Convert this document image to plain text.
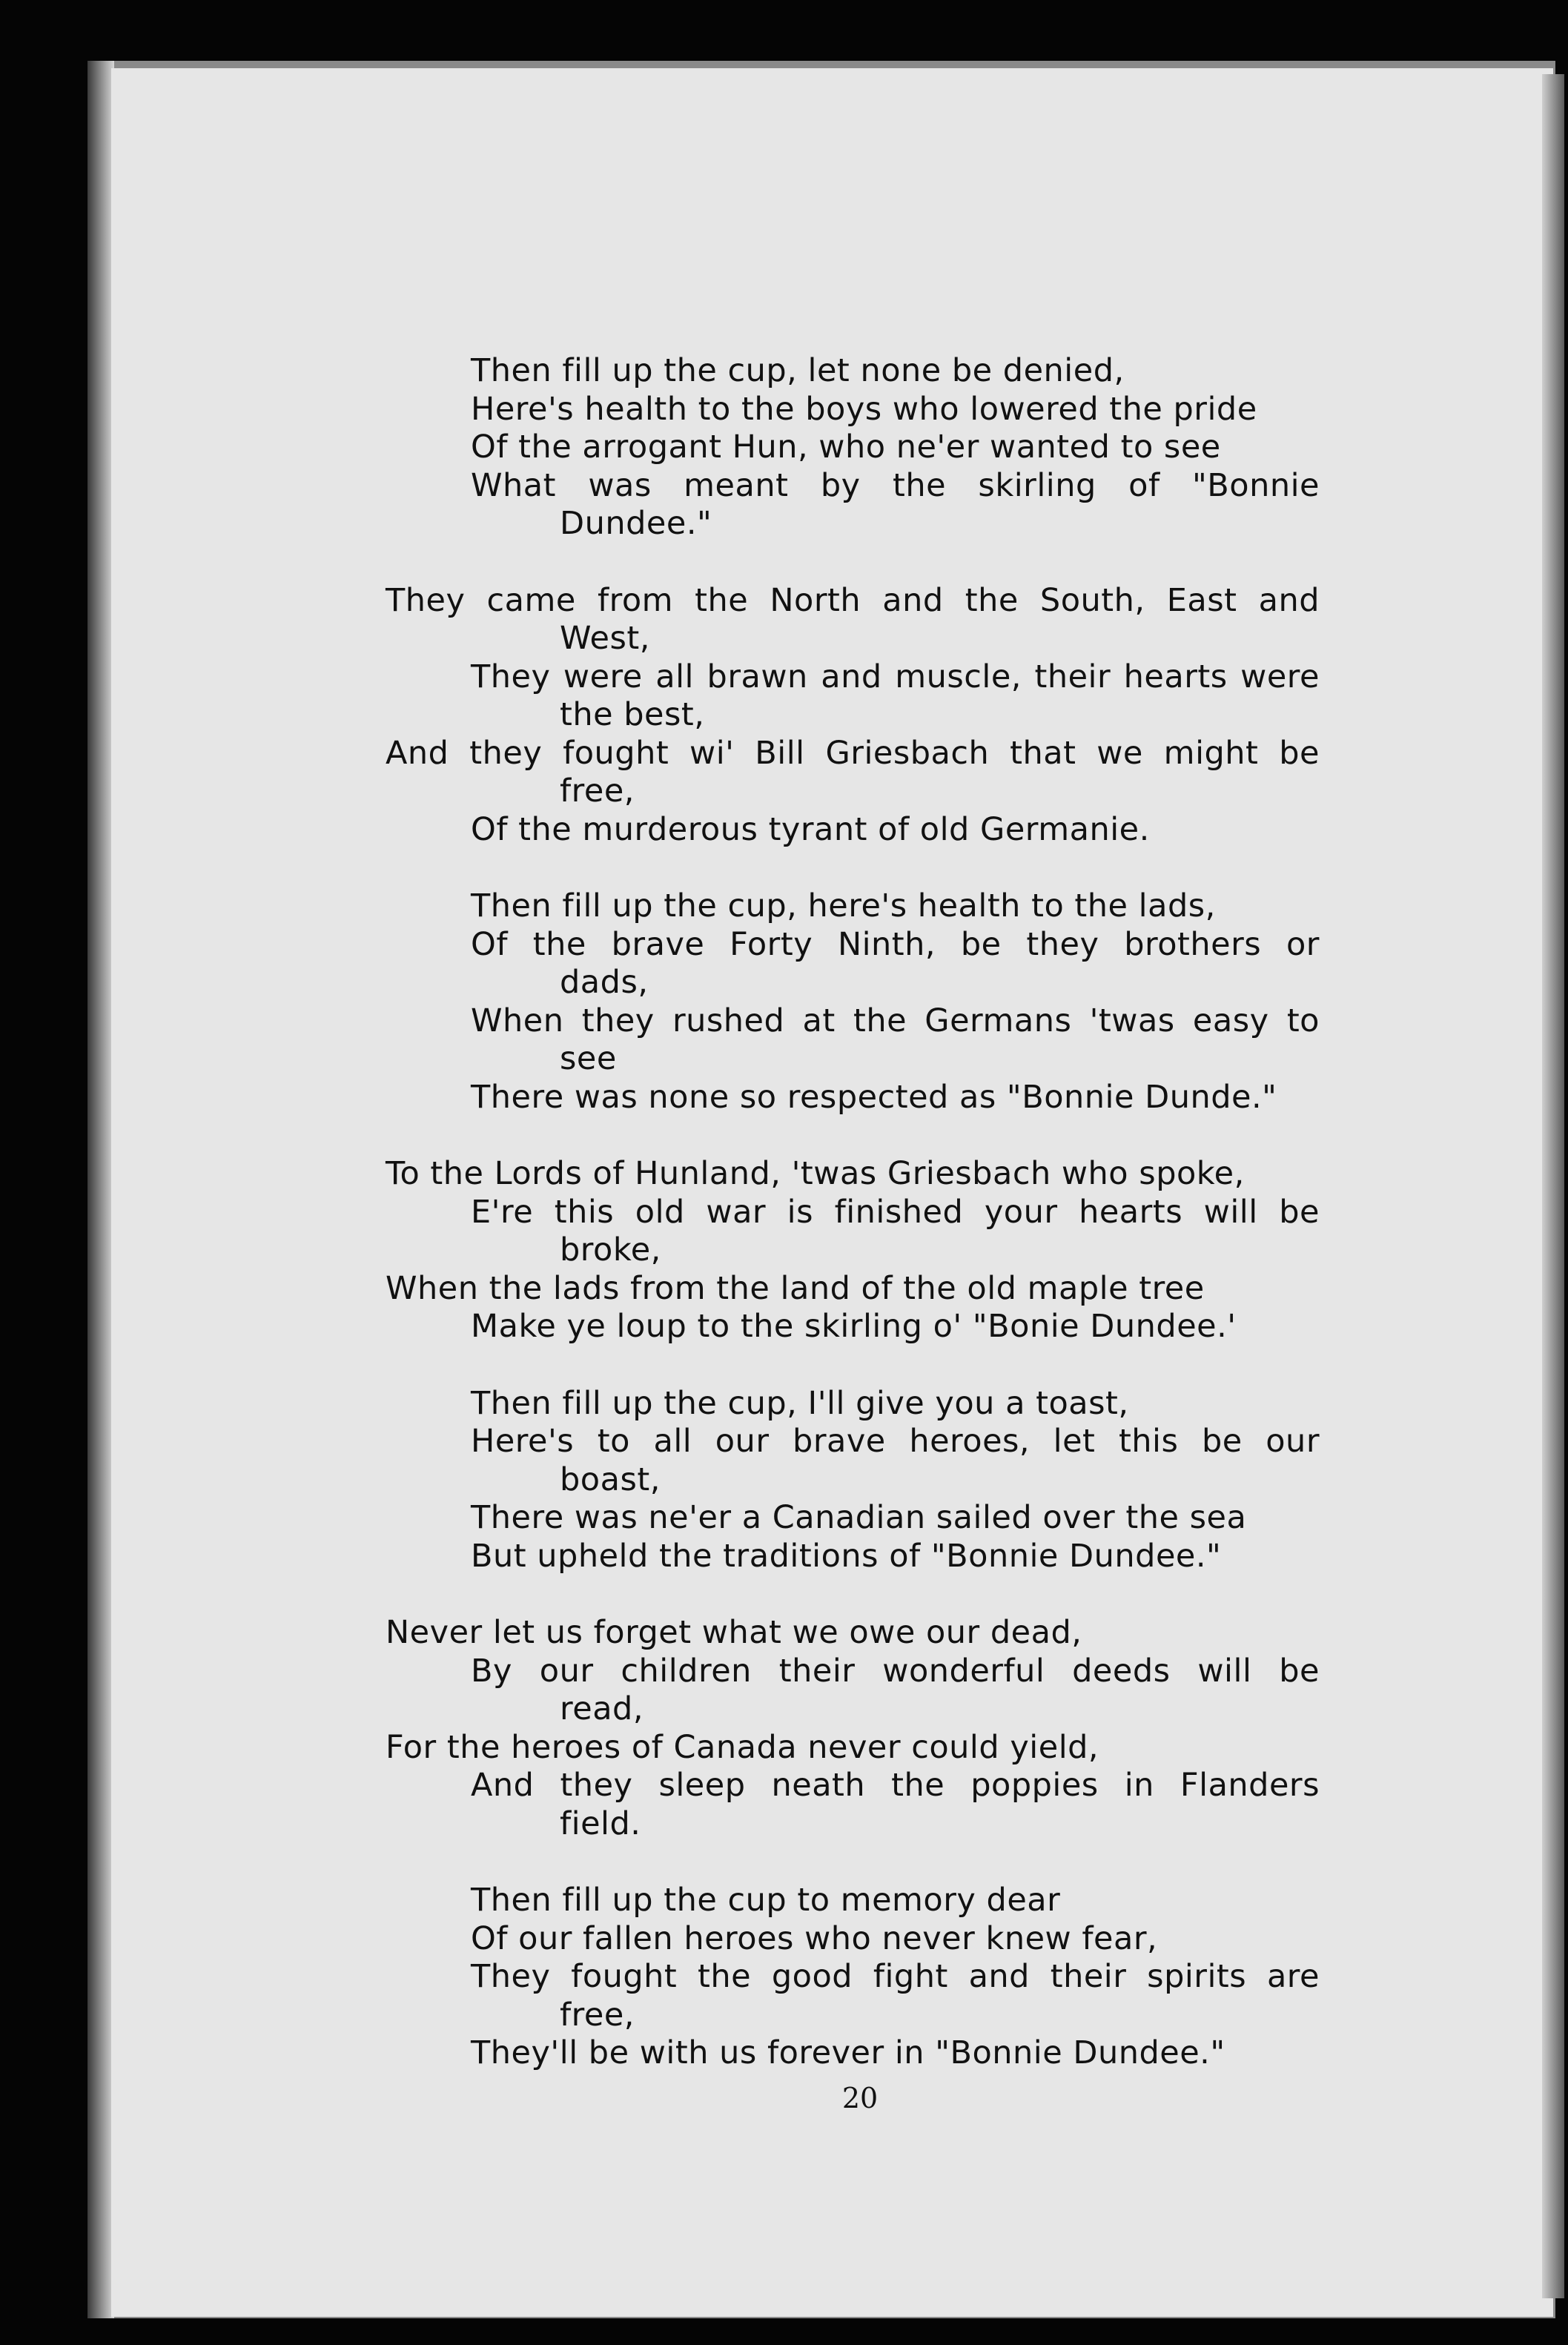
Then fill up the cup, let none be denied,
Here's health to the boys who lowered the pride
Of the arrogant Hun, who ne'er wanted to see
What was meant by the skirling of "Bonnie
Dundee."
They came from the North and the South, East and
West,
They were all brawn and muscle, their hearts were
the best,
And they fought wi' Bill Griesbach that we might be
free,
Of the murderous tyrant of old Germanie.
Then fill up the cup, here's health to the lads,
Of the brave Forty Ninth, be they brothers or
dads,
When they rushed at the Germans 'twas easy to
see
There was none so respected as "Bonnie Dunde."
To the Lords of Hunland, 'twas Griesbach who spoke,
E're this old war is finished your hearts will be
broke,
When the lads from the land of the old maple tree
Make ye loup to the skirling o' "Bonie Dundee.'
Then fill up the cup, I'll give you a toast,
Here's to all our brave heroes, let this be our
boast,
There was ne'er a Canadian sailed over the sea
But upheld the traditions of "Bonnie Dundee."
Never let us forget what we owe our dead,
By our children their wonderful deeds will be
read,
For the heroes of Canada never could yield,
And they sleep neath the poppies in Flanders
field.
Then fill up the cup to memory dear
Of our fallen heroes who never knew fear,
They fought the good fight and their spirits are
free,
They'll be with us forever in "Bonnie Dundee."
20
